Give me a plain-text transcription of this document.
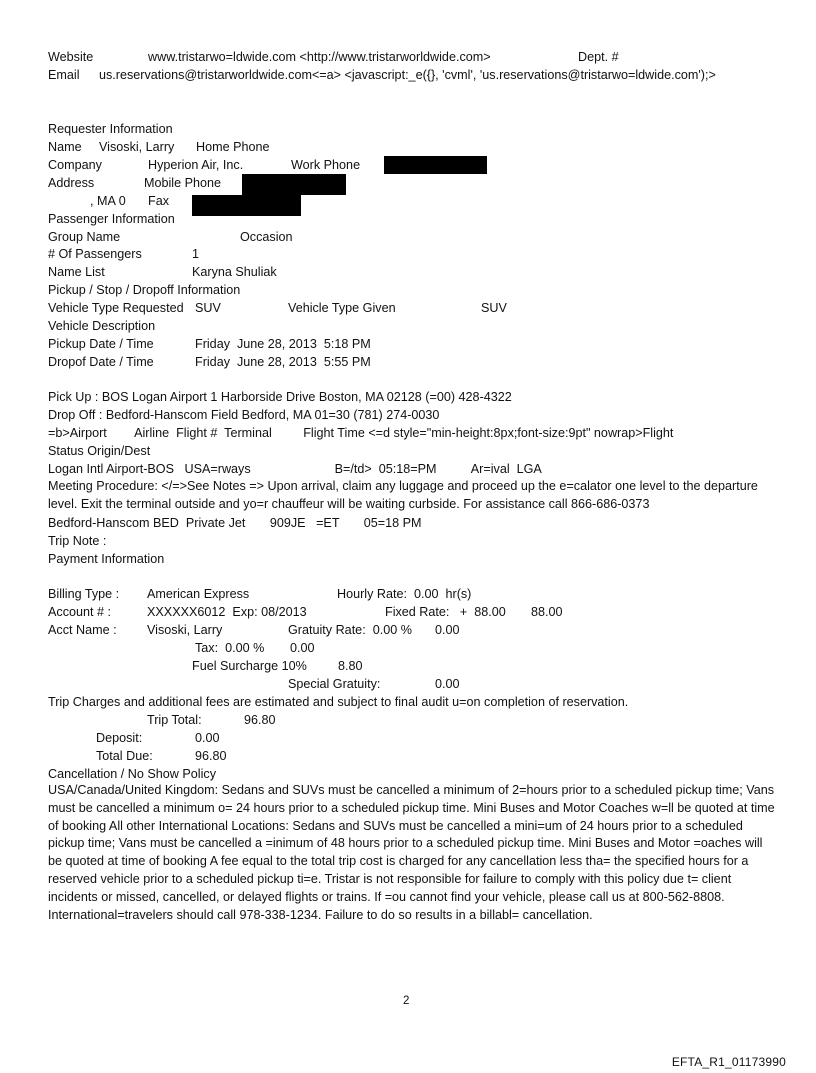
Website	www.tristarwo=ldwide.com <http://www.tristarworldwide.com>	Dept. #
Email us.reservations@tristarworldwide.com<=a> <javascript:_e({}, 'cvml', 'us.reservations@tristarwo=ldwide.com');>
Requester Information
Name Visoski, Larry Home Phone
Company	Hyperion Air, Inc.	Work Phone
Address	Mobile Phone
, MA 0 Fax
Passenger Information
Group Name	Occasion
# Of Passengers	1
Name List	Karyna Shuliak
Pickup / Stop / Dropoff Information
Vehicle Type Requested SUV	Vehicle Type Given	SUV
Vehicle Description
Pickup Date / Time	Friday  June 28, 2013  5:18 PM
Dropof Date / Time	Friday  June 28, 2013  5:55 PM
Pick Up : BOS Logan Airport 1 Harborside Drive Boston, MA 02128 (=00) 428-4322
Drop Off : Bedford-Hanscom Field Bedford, MA 01=30 (781) 274-0030
=b>Airport        Airline  Flight #  Terminal         Flight Time <=d style="min-height:8px;font-size:9pt" nowrap>Flight
Status Origin/Dest
Logan Intl Airport-BOS   USA=rways                        B=/td>  05:18=PM          Ar=ival  LGA
Meeting Procedure: </=>See Notes => Upon arrival, claim any luggage and proceed up the e=calator one level to the departure level. Exit the terminal outside and yo=r chauffeur will be waiting curbside. For assistance call 866-686-0373
Bedford-Hanscom BED  Private Jet       909JE   =ET       05=18 PM
Trip Note :
Payment Information
Billing Type : American Express	Hourly Rate:  0.00  hr(s)
Account # :	XXXXXX6012  Exp: 08/2013	Fixed Rate:   +  88.00 88.00
Acct Name : Visoski, Larry	Gratuity Rate:  0.00 % 0.00
Tax:  0.00 % 0.00
Fuel Surcharge 10% 8.80
Special Gratuity:	0.00
Trip Charges and additional fees are estimated and subject to final audit u=on completion of reservation.
Trip Total:	96.80
Deposit:	0.00
Total Due:	96.80
Cancellation / No Show Policy
USA/Canada/United Kingdom: Sedans and SUVs must be cancelled a minimum of 2=hours prior to a scheduled pickup time; Vans must be cancelled a minimum o= 24 hours prior to a scheduled pickup time. Mini Buses and Motor Coaches w=ll be quoted at time of booking All other International Locations: Sedans and SUVs must be cancelled a mini=um of 24 hours prior to a scheduled pickup time; Vans must be cancelled a =inimum of 48 hours prior to a scheduled pickup time. Mini Buses and Motor =oaches will be quoted at time of booking A fee equal to the total trip cost is charged for any cancellation less tha= the specified hours for a reserved vehicle prior to a scheduled pickup ti=e. Tristar is not responsible for failure to comply with this policy due t= client incidents or missed, cancelled, or delayed flights or trains. If =ou cannot find your vehicle, please call us at 800-562-8808. International=travelers should call 978-338-1234. Failure to do so results in a billabl= cancellation.
2
EFTA_R1_01173990
